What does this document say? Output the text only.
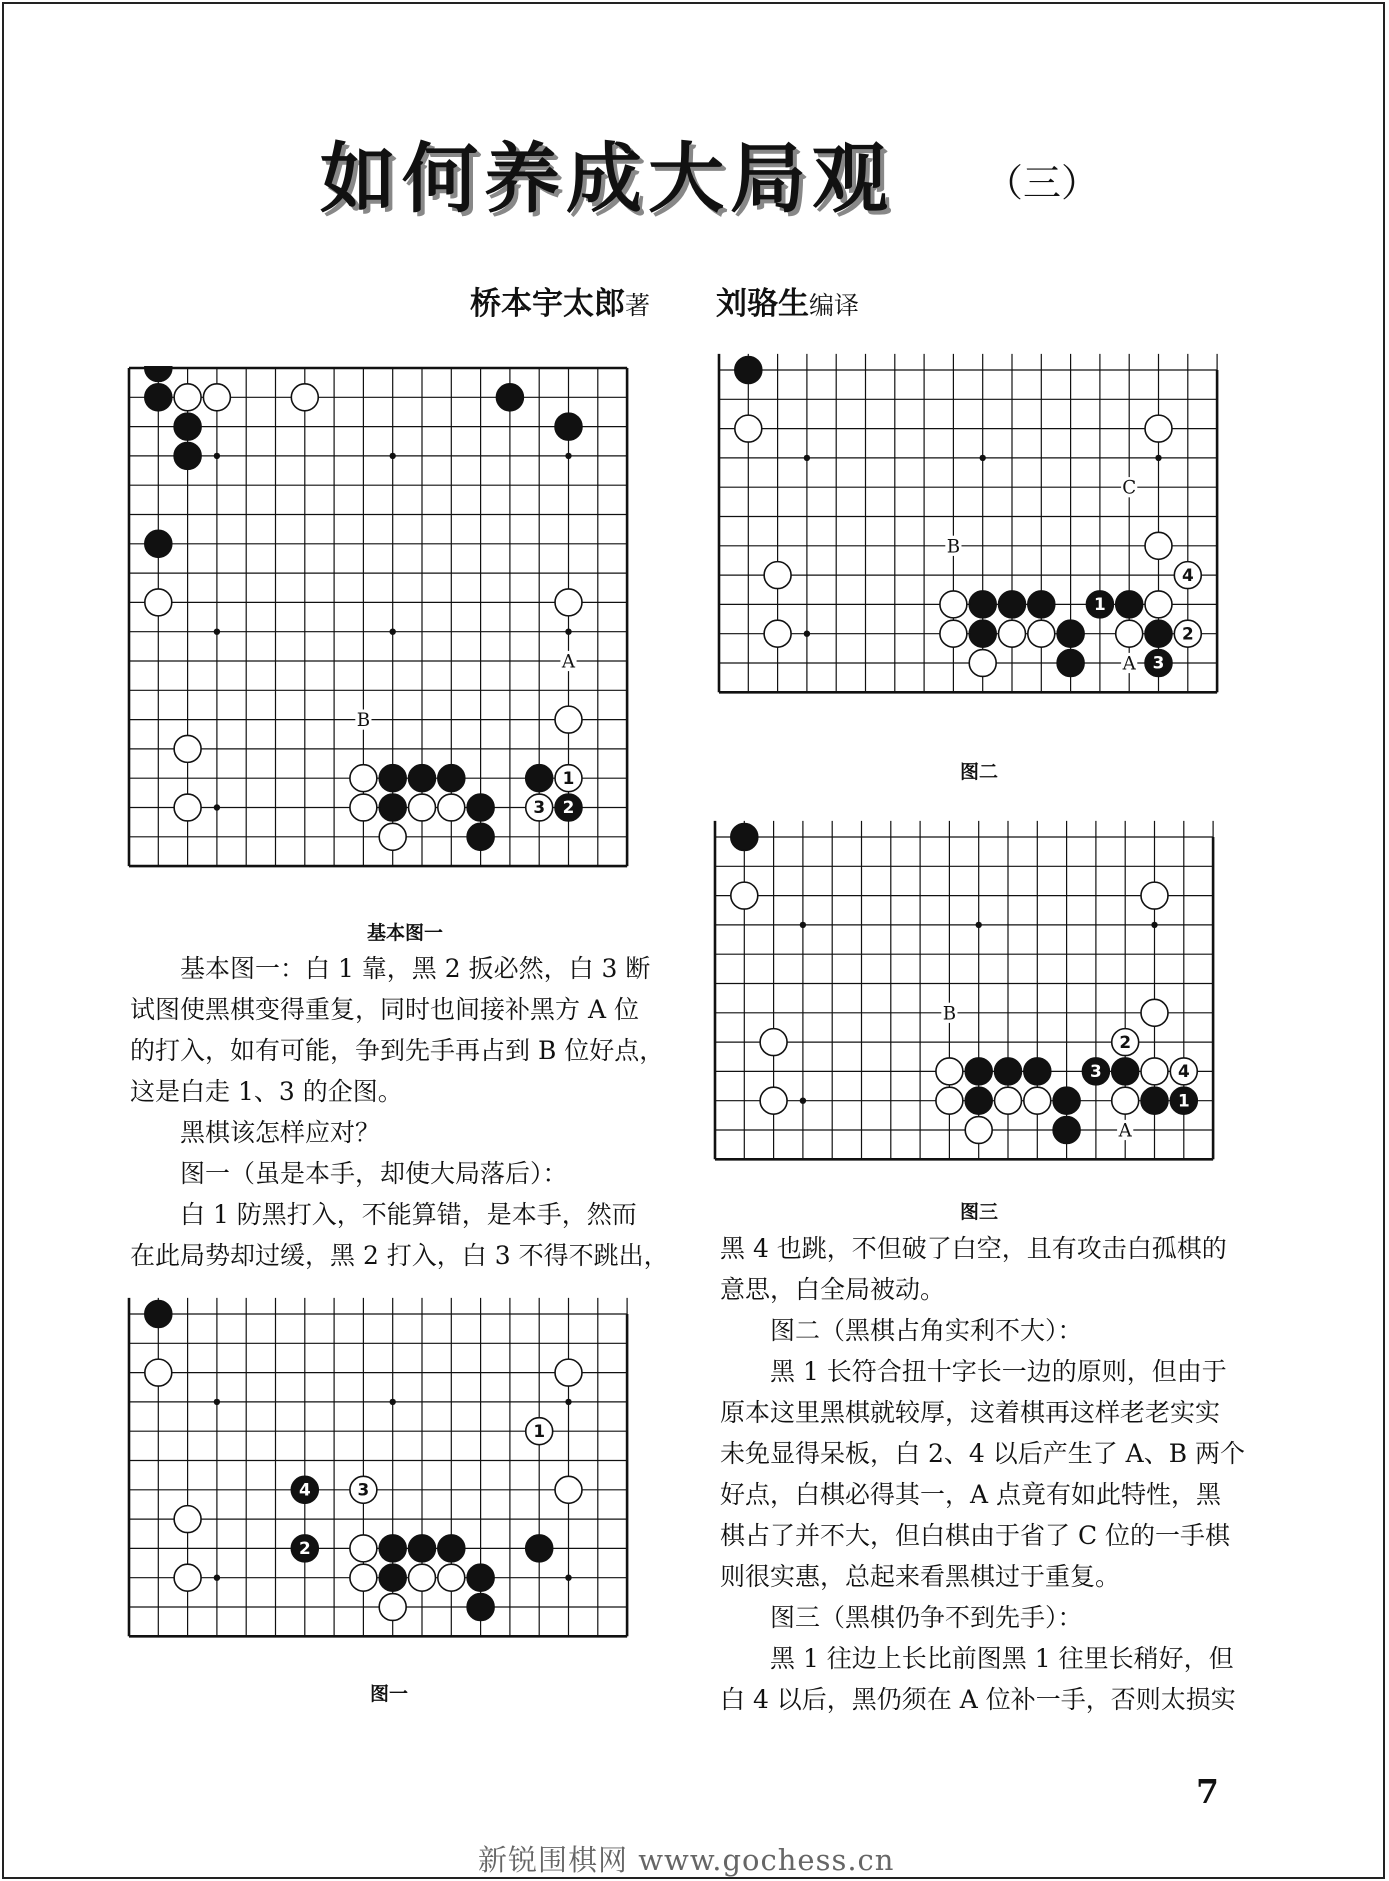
如何养成大局观 （三）
桥本宇太郎著 刘骆生编译
1
3 2
A
B
基本图一

基本图一：白 1 靠，黑 2 扳必然，白 3 断

试图使黑棋变得重复，同时也间接补黑方 A 位

的打入，如有可能，争到先手再占到 B 位好点，

这是白走 1、3 的企图。

黑棋该怎样应对？

图一（虽是本手，却使大局落后）：

白 1 防黑打入，不能算错，是本手，然而

在此局势却过缓，黑 2 打入，白 3 不得不跳出，

1
4	3
2
图一
4
1
2
3
C
B
A
图二
2
3	4
1
B
A
图三

黑 4 也跳，不但破了白空，且有攻击白孤棋的

意思，白全局被动。

图二（黑棋占角实利不大）：

黑 1 长符合扭十字长一边的原则，但由于

原本这里黑棋就较厚，这着棋再这样老老实实

未免显得呆板，白 2、4 以后产生了 A、B 两个

好点，白棋必得其一，A 点竟有如此特性，黑

棋占了并不大，但白棋由于省了 C 位的一手棋

则很实惠，总起来看黑棋过于重复。

图三（黑棋仍争不到先手）：

黑 1 往边上长比前图黑 1 往里长稍好，但

白 4 以后，黑仍须在 A 位补一手，否则太损实

7
新锐围棋网 www.gochess.cn
